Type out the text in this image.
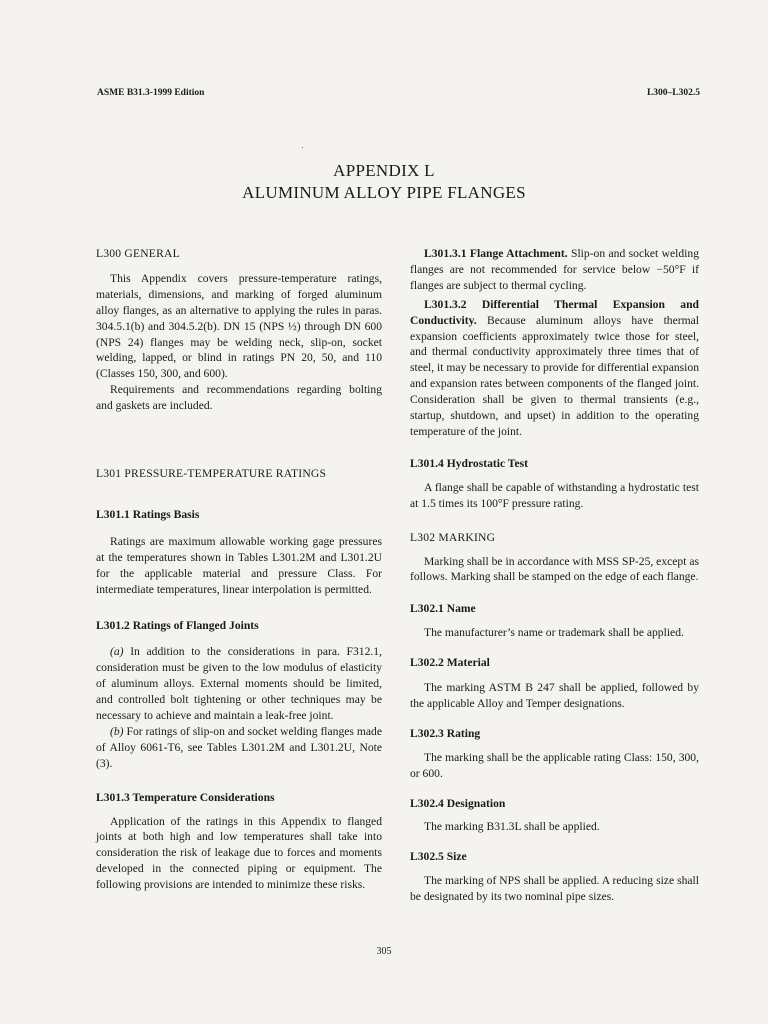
ASME B31.3-1999 Edition	L300–L302.5
APPENDIX L
ALUMINUM ALLOY PIPE FLANGES
L300 GENERAL

This Appendix covers pressure-temperature ratings, materials, dimensions, and marking of forged aluminum alloy flanges, as an alternative to applying the rules in paras. 304.5.1(b) and 304.5.2(b). DN 15 (NPS ½) through DN 600 (NPS 24) flanges may be welding neck, slip-on, socket welding, lapped, or blind in ratings PN 20, 50, and 110 (Classes 150, 300, and 600).

Requirements and recommendations regarding bolting and gaskets are included.

L301 PRESSURE-TEMPERATURE RATINGS
L301.1 Ratings Basis

Ratings are maximum allowable working gage pressures at the temperatures shown in Tables L301.2M and L301.2U for the applicable material and pressure Class. For intermediate temperatures, linear interpolation is permitted.

L301.2 Ratings of Flanged Joints

(a) In addition to the considerations in para. F312.1, consideration must be given to the low modulus of elasticity of aluminum alloys. External moments should be limited, and controlled bolt tightening or other techniques may be necessary to achieve and maintain a leak-free joint.

(b) For ratings of slip-on and socket welding flanges made of Alloy 6061-T6, see Tables L301.2M and L301.2U, Note (3).

L301.3 Temperature Considerations

Application of the ratings in this Appendix to flanged joints at both high and low temperatures shall take into consideration the risk of leakage due to forces and moments developed in the connected piping or equipment. The following provisions are intended to minimize these risks.

L301.3.1 Flange Attachment. Slip-on and socket welding flanges are not recommended for service below −50°F if flanges are subject to thermal cycling.

L301.3.2 Differential Thermal Expansion and Conductivity. Because aluminum alloys have thermal expansion coefficients approximately twice those for steel, and thermal conductivity approximately three times that of steel, it may be necessary to provide for differential expansion and expansion rates between components of the flanged joint. Consideration shall be given to thermal transients (e.g., startup, shutdown, and upset) in addition to the operating temperature of the joint.

L301.4 Hydrostatic Test

A flange shall be capable of withstanding a hydrostatic test at 1.5 times its 100°F pressure rating.

L302 MARKING

Marking shall be in accordance with MSS SP-25, except as follows. Marking shall be stamped on the edge of each flange.

L302.1 Name

The manufacturer’s name or trademark shall be applied.

L302.2 Material

The marking ASTM B 247 shall be applied, followed by the applicable Alloy and Temper designations.

L302.3 Rating

The marking shall be the applicable rating Class: 150, 300, or 600.

L302.4 Designation

The marking B31.3L shall be applied.

L302.5 Size

The marking of NPS shall be applied. A reducing size shall be designated by its two nominal pipe sizes.

305
